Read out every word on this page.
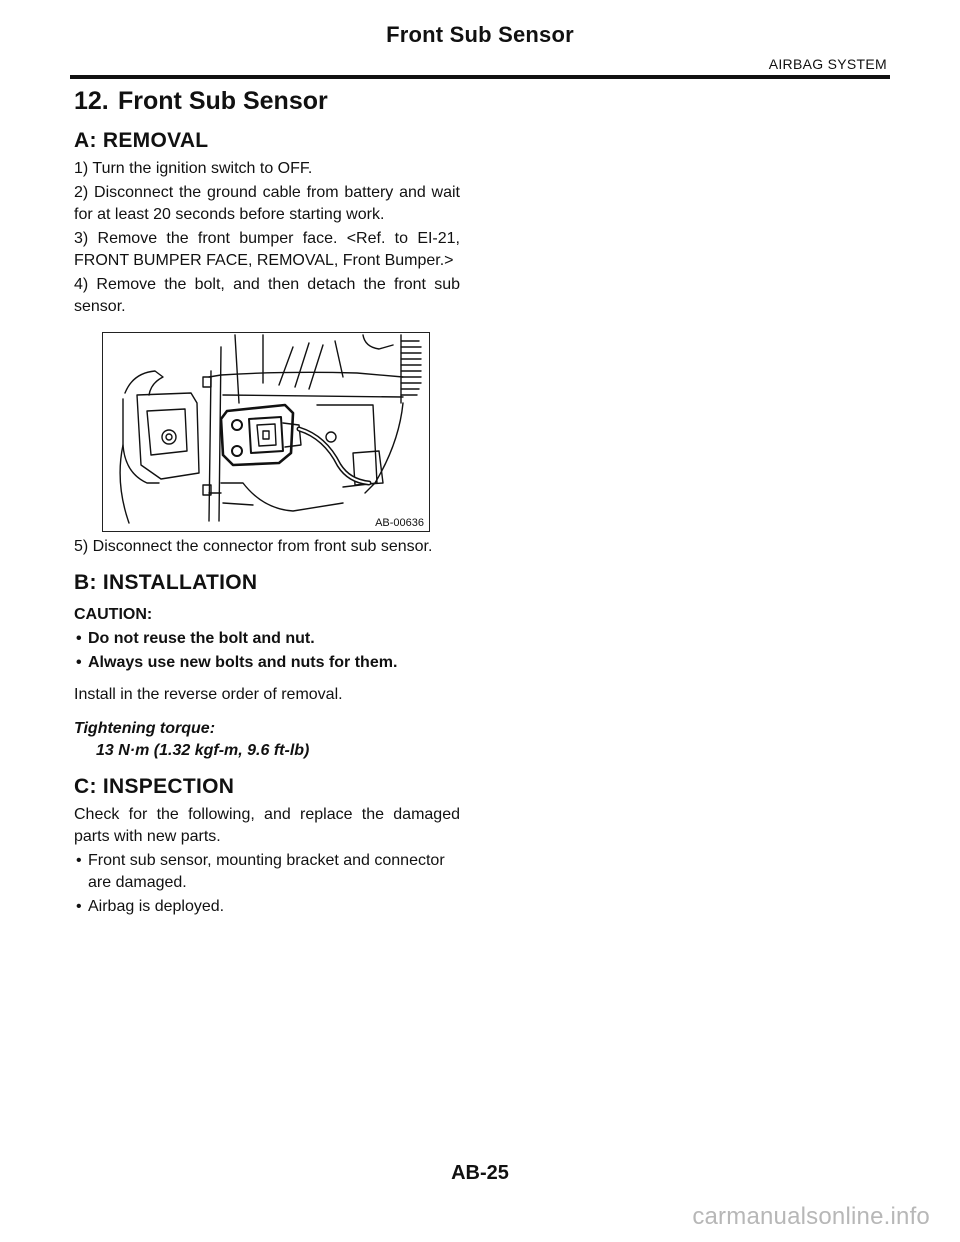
Front Sub Sensor
AIRBAG SYSTEM
12. Front Sub Sensor
A: REMOVAL

1) Turn the ignition switch to OFF.

2) Disconnect the ground cable from battery and wait for at least 20 seconds before starting work.

3) Remove the front bumper face. <Ref. to EI-21, FRONT BUMPER FACE, REMOVAL, Front Bumper.>

4) Remove the bolt, and then detach the front sub sensor.

AB-00636

5) Disconnect the connector from front sub sensor.

B: INSTALLATION
CAUTION:
• Do not reuse the bolt and nut.
• Always use new bolts and nuts for them.
Install in the reverse order of removal.
Tightening torque:
13 N·m (1.32 kgf-m, 9.6 ft-lb)
C: INSPECTION

Check for the following, and replace the damaged parts with new parts.

• Front sub sensor, mounting bracket and connector are damaged.
• Airbag is deployed.
AB-25
carmanualsonline.info
